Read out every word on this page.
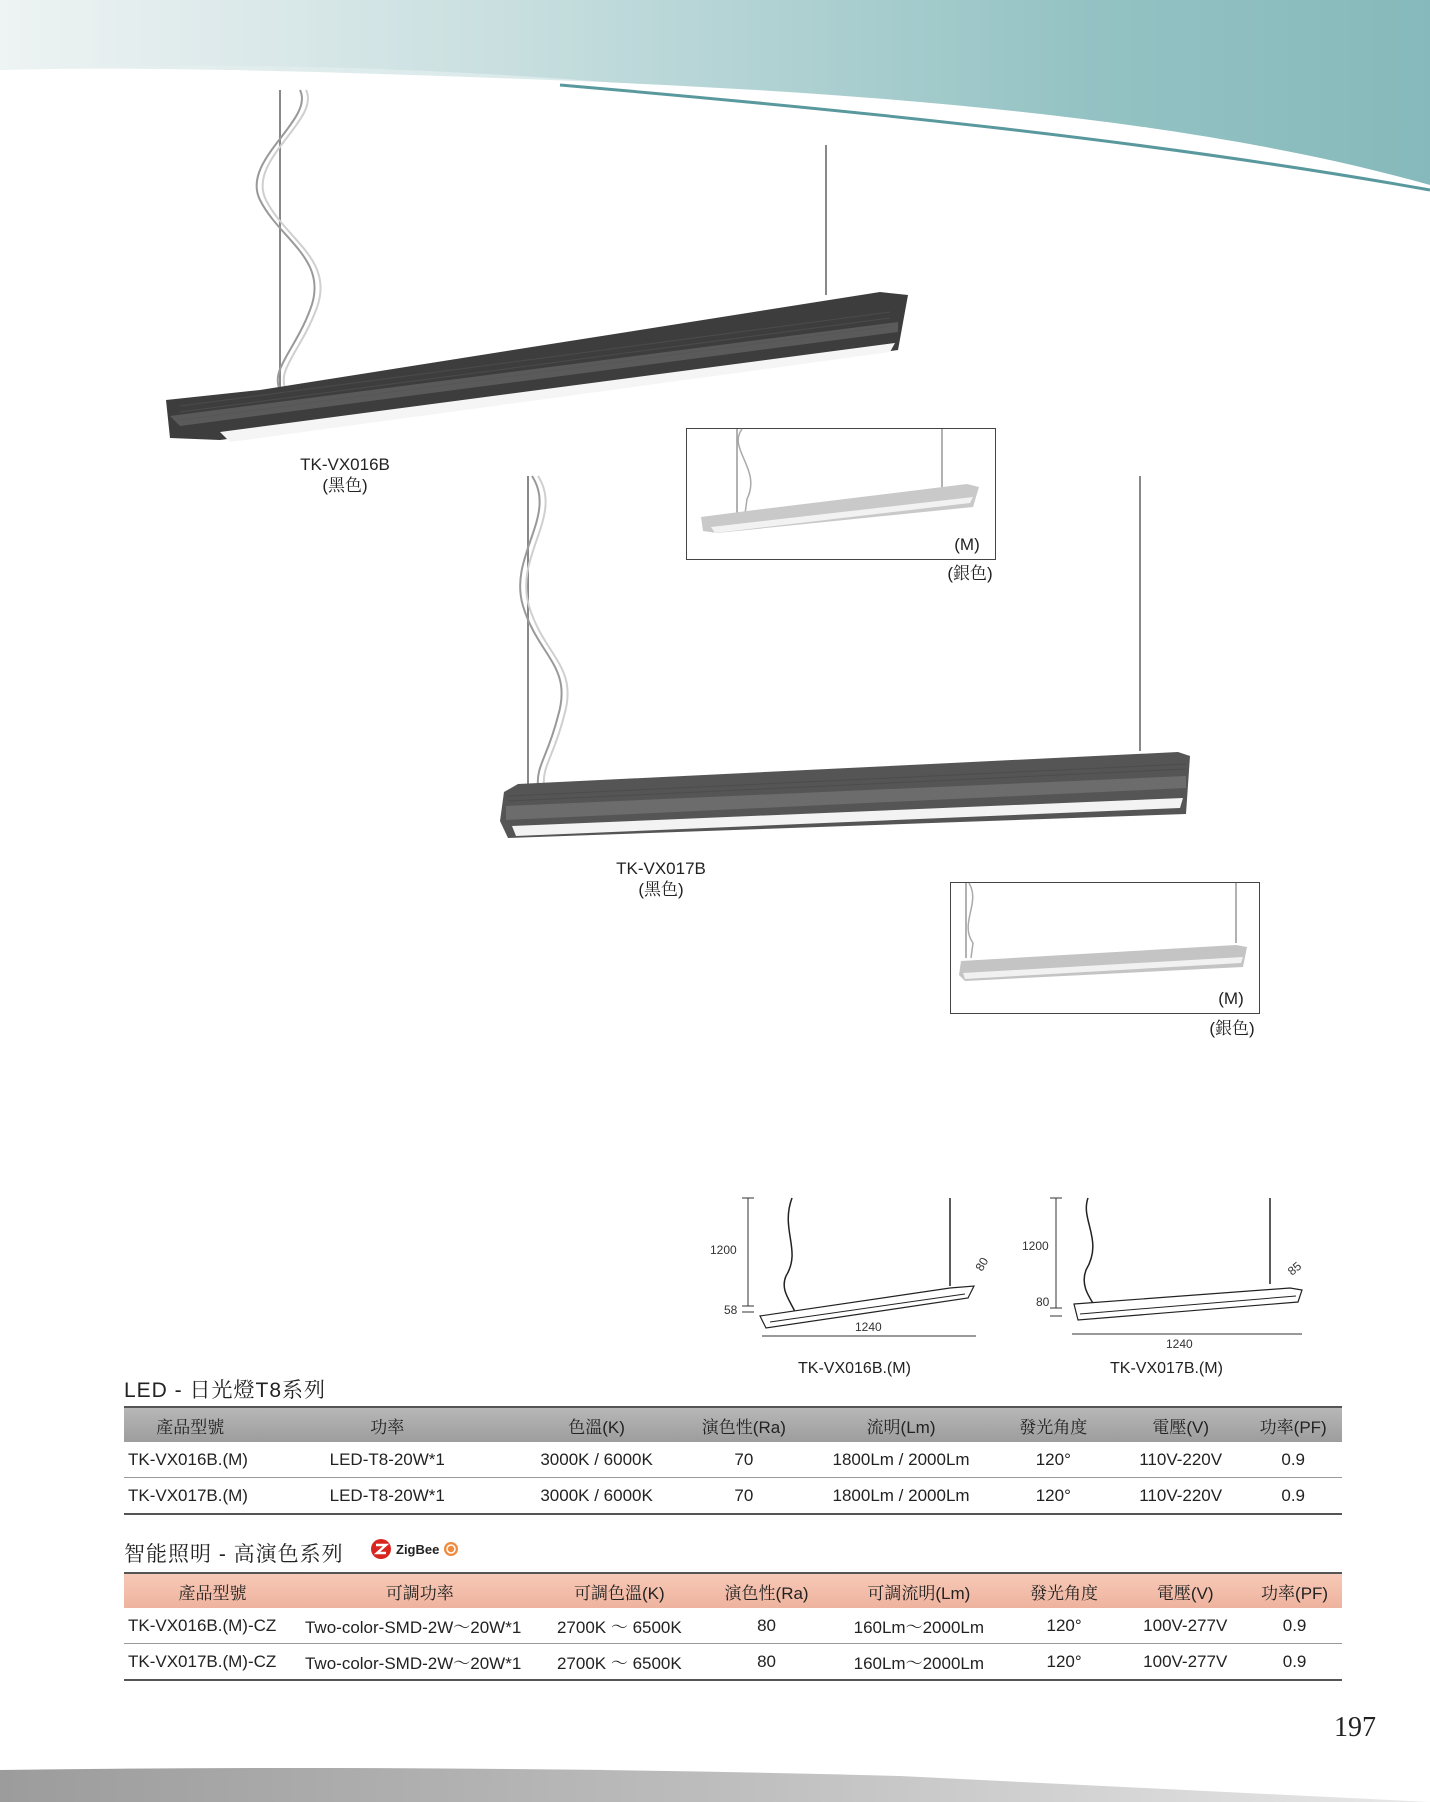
TK-VX016B
(黑色)
(M)
(銀色)
TK-VX017B
(黑色)
(M)
(銀色)
1200
58
1240
80
TK-VX016B.(M)
1200
80
1240
85
TK-VX017B.(M)
LED - 日光燈T8系列
產品型號	功率	色溫(K)	演色性(Ra)	流明(Lm)	發光角度	電壓(V)	功率(PF)
TK-VX016B.(M)	LED-T8-20W*1	3000K / 6000K	70	1800Lm / 2000Lm	120°	110V-220V	0.9
TK-VX017B.(M)	LED-T8-20W*1	3000K / 6000K	70	1800Lm / 2000Lm	120°	110V-220V	0.9
智能照明 - 高演色系列	ZigBee
產品型號	可調功率	可調色溫(K)	演色性(Ra)	可調流明(Lm)	發光角度	電壓(V)	功率(PF)
TK-VX016B.(M)-CZ	Two-color-SMD-2W～20W*1	2700K ～ 6500K	80	160Lm～2000Lm	120°	100V-277V	0.9
TK-VX017B.(M)-CZ	Two-color-SMD-2W～20W*1	2700K ～ 6500K	80	160Lm～2000Lm	120°	100V-277V	0.9
197
